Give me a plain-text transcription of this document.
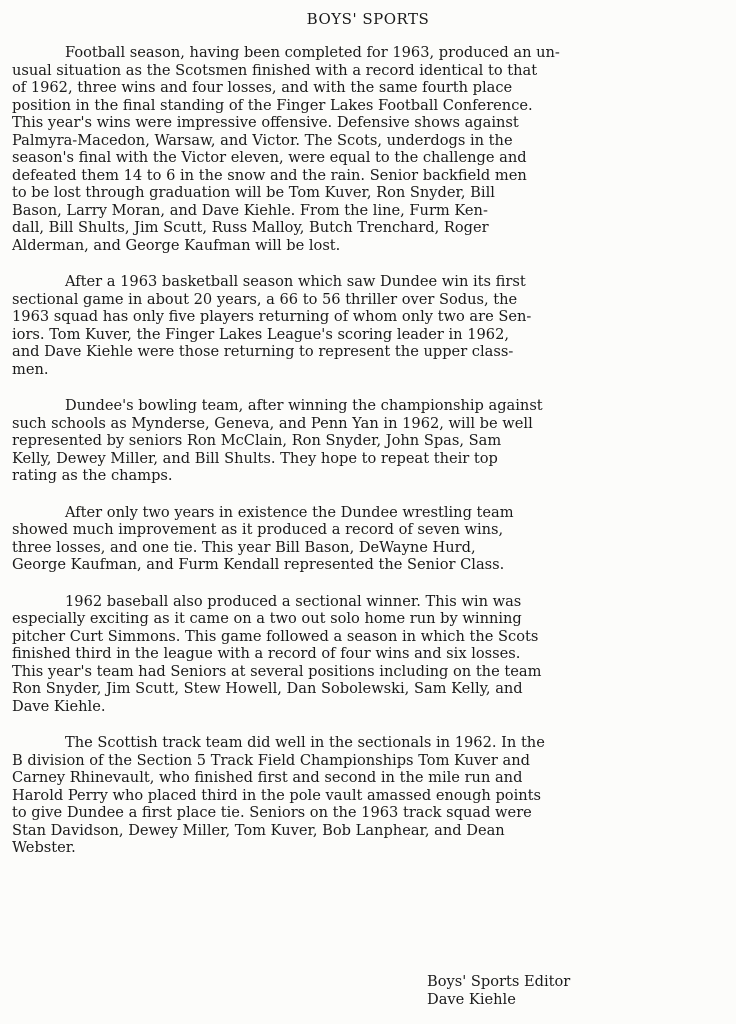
BOYS' SPORTS

Football season, having been completed for 1963, produced an un-
usual situation as the Scotsmen finished with a record identical to that
of 1962, three wins and four losses, and with the same fourth place
position in the final standing of the Finger Lakes Football Conference.
This year's wins were impressive offensive. Defensive shows against
Palmyra-Macedon, Warsaw, and Victor. The Scots, underdogs in the
season's final with the Victor eleven, were equal to the challenge and
defeated them 14 to 6 in the snow and the rain. Senior backfield men
to be lost through graduation will be Tom Kuver, Ron Snyder, Bill
Bason, Larry Moran, and Dave Kiehle. From the line, Furm Ken-
dall, Bill Shults, Jim Scutt, Russ Malloy, Butch Trenchard, Roger
Alderman, and George Kaufman will be lost.

After a 1963 basketball season which saw Dundee win its first
sectional game in about 20 years, a 66 to 56 thriller over Sodus, the
1963 squad has only five players returning of whom only two are Sen-
iors. Tom Kuver, the Finger Lakes League's scoring leader in 1962,
and Dave Kiehle were those returning to represent the upper class-
men.

Dundee's bowling team, after winning the championship against
such schools as Mynderse, Geneva, and Penn Yan in 1962, will be well
represented by seniors Ron McClain, Ron Snyder, John Spas, Sam
Kelly, Dewey Miller, and Bill Shults. They hope to repeat their top
rating as the champs.

After only two years in existence the Dundee wrestling team
showed much improvement as it produced a record of seven wins,
three losses, and one tie. This year Bill Bason, DeWayne Hurd,
George Kaufman, and Furm Kendall represented the Senior Class.

1962 baseball also produced a sectional winner. This win was
especially exciting as it came on a two out solo home run by winning
pitcher Curt Simmons. This game followed a season in which the Scots
finished third in the league with a record of four wins and six losses.
This year's team had Seniors at several positions including on the team
Ron Snyder, Jim Scutt, Stew Howell, Dan Sobolewski, Sam Kelly, and
Dave Kiehle.

The Scottish track team did well in the sectionals in 1962. In the
B division of the Section 5 Track Field Championships Tom Kuver and
Carney Rhinevault, who finished first and second in the mile run and
Harold Perry who placed third in the pole vault amassed enough points
to give Dundee a first place tie. Seniors on the 1963 track squad were
Stan Davidson, Dewey Miller, Tom Kuver, Bob Lanphear, and Dean
Webster.

Boys' Sports Editor
Dave Kiehle
